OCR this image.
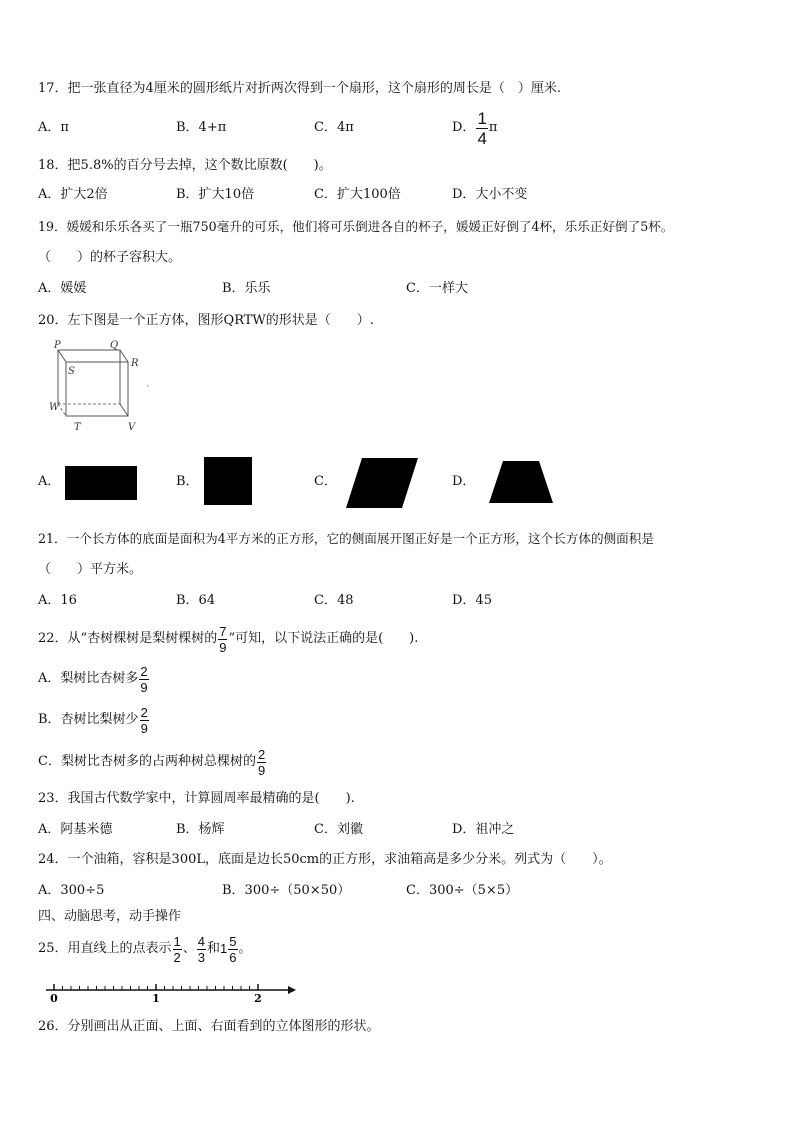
17．把一张直径为4厘米的圆形纸片对折两次得到一个扇形，这个扇形的周长是（　）厘米.
A．π	B．4+π	C．4π	D． $\frac{1}{4}$ π
18．把5.8%的百分号去掉，这个数比原数(　　)。
A．扩大2倍	B．扩大10倍	C．扩大100倍	D．大小不变
19．媛媛和乐乐各买了一瓶750毫升的可乐，他们将可乐倒进各自的杯子，媛媛正好倒了4杯，乐乐正好倒了5杯。
（　　）的杯子容积大。
A．媛媛	B．乐乐	C．一样大
20．左下图是一个正方体，图形QRTW的形状是（　　）.
P	Q
S
R
W
T	V
、
A．	B．	C．	D．
21．一个长方体的底面是面积为4平方米的正方形，它的侧面展开图正好是一个正方形，这个长方体的侧面积是
（　　）平方米。
A．16	B．64	C．48	D．45
22．从“杏树棵树是梨树棵树的 $\frac{7}{9}$ ”可知，以下说法正确的是(　　).
A．梨树比杏树多 $\frac{2}{9}$
B．杏树比梨树少 $\frac{2}{9}$
C．梨树比杏树多的占两种树总棵树的 $\frac{2}{9}$
23．我国古代数学家中，计算圆周率最精确的是(　　).
A．阿基米德	B．杨辉	C．刘徽	D．祖冲之
24．一个油箱，容积是300L，底面是边长50cm的正方形，求油箱高是多少分米。列式为（　　）。
A．300÷5	B．300÷（50×50）	C．300÷（5×5）
四、动脑思考，动手操作
25．用直线上的点表示 $\frac{1}{2}$ 、 $\frac{4}{3}$ 和 $1 \frac{5}{6}$ 。
0	1	2
26．分别画出从正面、上面、右面看到的立体图形的形状。
